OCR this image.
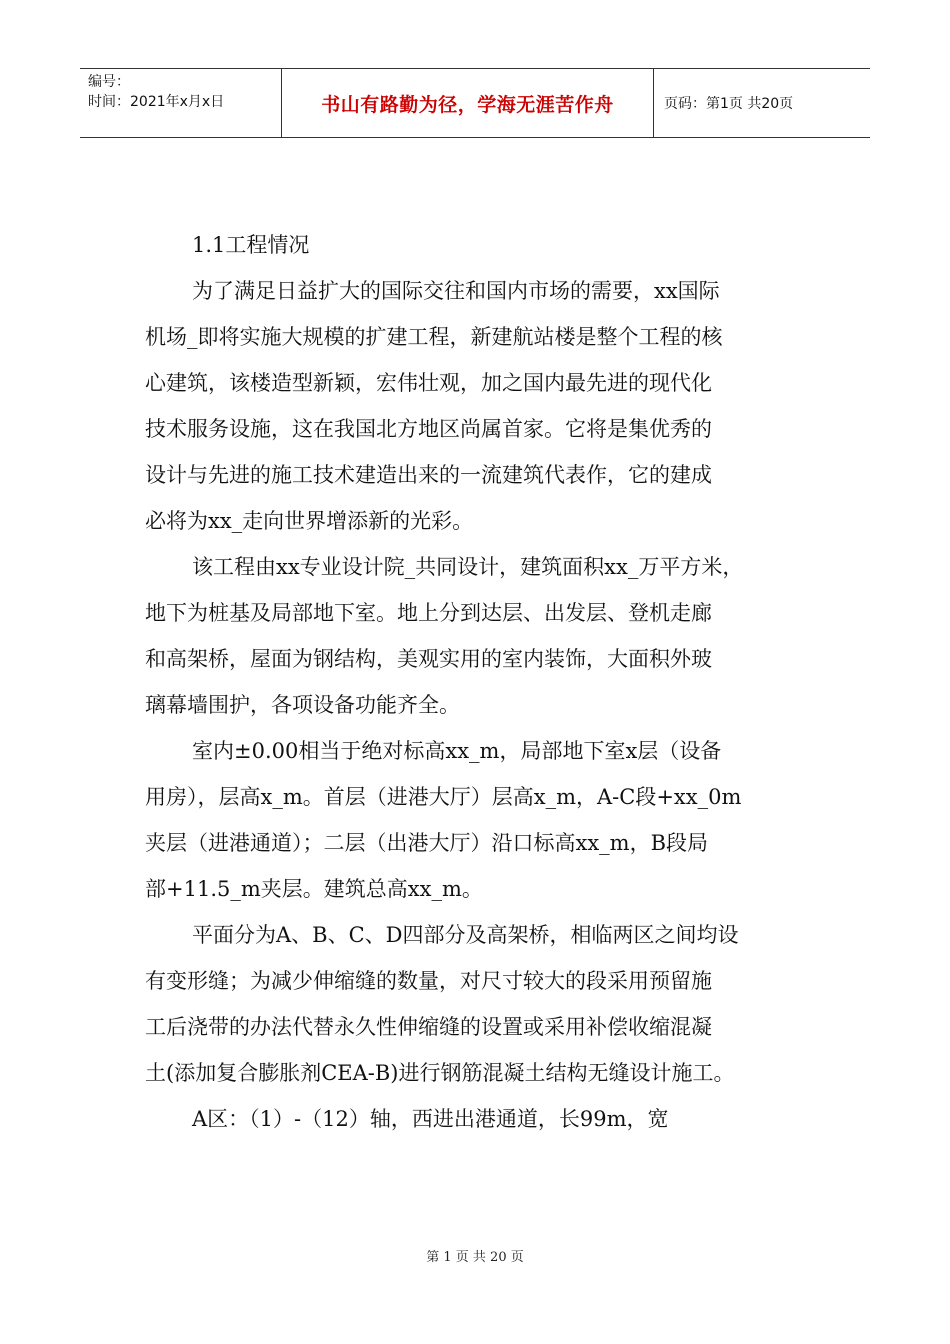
编号：
时间：2021年x月x日	书山有路勤为径，学海无涯苦作舟	页码：第1页 共20页

1.1工程情况

为了满足日益扩大的国际交往和国内市场的需要，xx国际

机场_即将实施大规模的扩建工程，新建航站楼是整个工程的核

心建筑，该楼造型新颖，宏伟壮观，加之国内最先进的现代化

技术服务设施，这在我国北方地区尚属首家。它将是集优秀的

设计与先进的施工技术建造出来的一流建筑代表作，它的建成

必将为xx_走向世界增添新的光彩。

该工程由xx专业设计院_共同设计，建筑面积xx_万平方米，

地下为桩基及局部地下室。地上分到达层、出发层、登机走廊

和高架桥，屋面为钢结构，美观实用的室内装饰，大面积外玻

璃幕墙围护，各项设备功能齐全。

室内±0.00相当于绝对标高xx_m，局部地下室x层（设备

用房），层高x_m。首层（进港大厅）层高x_m，A-C段+xx_0m

夹层（进港通道）；二层（出港大厅）沿口标高xx_m，B段局

部+11.5_m夹层。建筑总高xx_m。

平面分为A、B、C、D四部分及高架桥，相临两区之间均设

有变形缝；为减少伸缩缝的数量，对尺寸较大的段采用预留施

工后浇带的办法代替永久性伸缩缝的设置或采用补偿收缩混凝

土(添加复合膨胀剂CEA-B)进行钢筋混凝土结构无缝设计施工。

A区：（1）-（12）轴，西进出港通道，长99m，宽

第 1 页 共 20 页
